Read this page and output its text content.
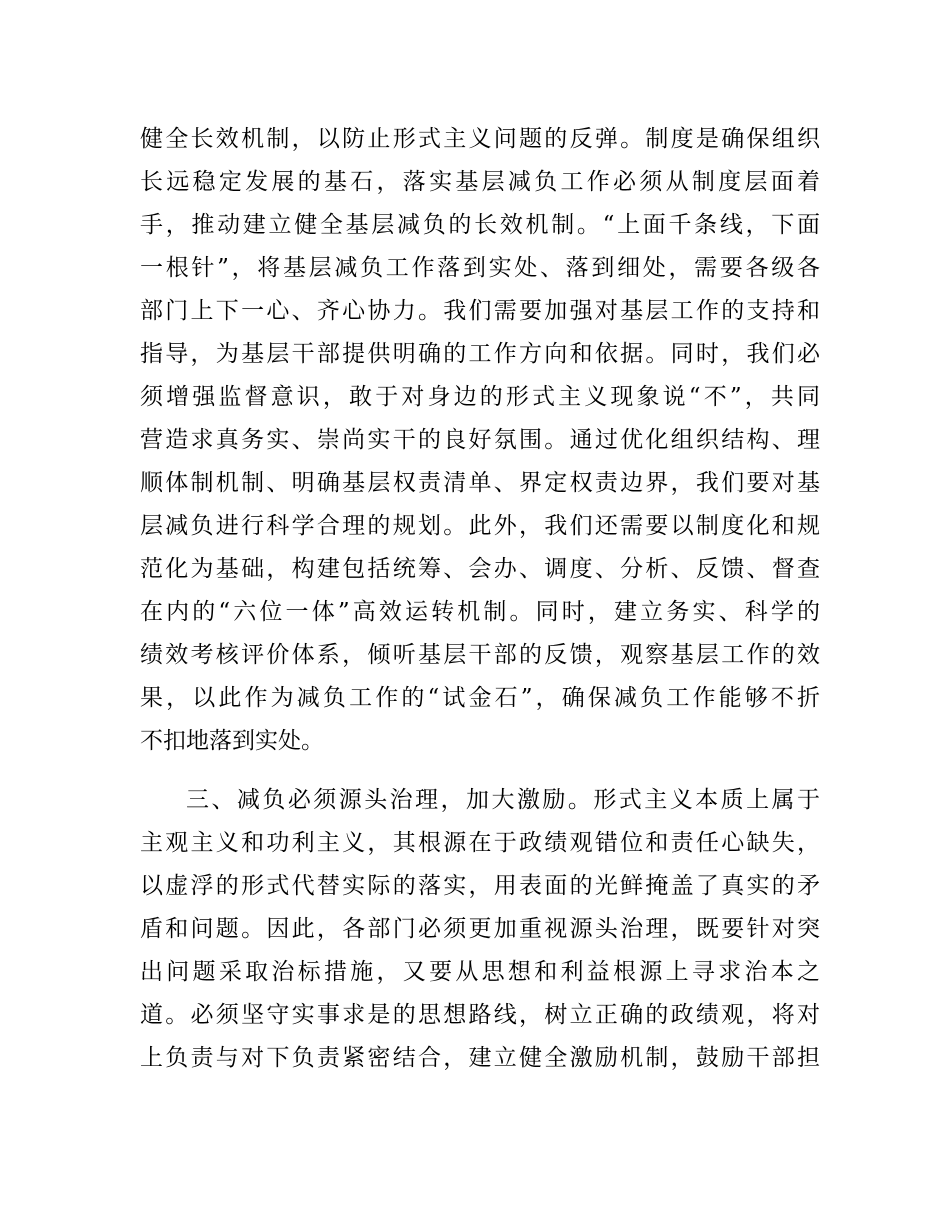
健全长效机制，以防止形式主义问题的反弹。制度是确保组织
长远稳定发展的基石，落实基层减负工作必须从制度层面着
手，推动建立健全基层减负的长效机制。“上面千条线，下面
一根针”，将基层减负工作落到实处、落到细处，需要各级各
部门上下一心、齐心协力。我们需要加强对基层工作的支持和
指导，为基层干部提供明确的工作方向和依据。同时，我们必
须增强监督意识，敢于对身边的形式主义现象说“不”，共同
营造求真务实、崇尚实干的良好氛围。通过优化组织结构、理
顺体制机制、明确基层权责清单、界定权责边界，我们要对基
层减负进行科学合理的规划。此外，我们还需要以制度化和规
范化为基础，构建包括统筹、会办、调度、分析、反馈、督查
在内的“六位一体”高效运转机制。同时，建立务实、科学的
绩效考核评价体系，倾听基层干部的反馈，观察基层工作的效
果，以此作为减负工作的“试金石”，确保减负工作能够不折
不扣地落到实处。
三、减负必须源头治理，加大激励。形式主义本质上属于
主观主义和功利主义，其根源在于政绩观错位和责任心缺失，
以虚浮的形式代替实际的落实，用表面的光鲜掩盖了真实的矛
盾和问题。因此，各部门必须更加重视源头治理，既要针对突
出问题采取治标措施，又要从思想和利益根源上寻求治本之
道。必须坚守实事求是的思想路线，树立正确的政绩观，将对
上负责与对下负责紧密结合，建立健全激励机制，鼓励干部担
